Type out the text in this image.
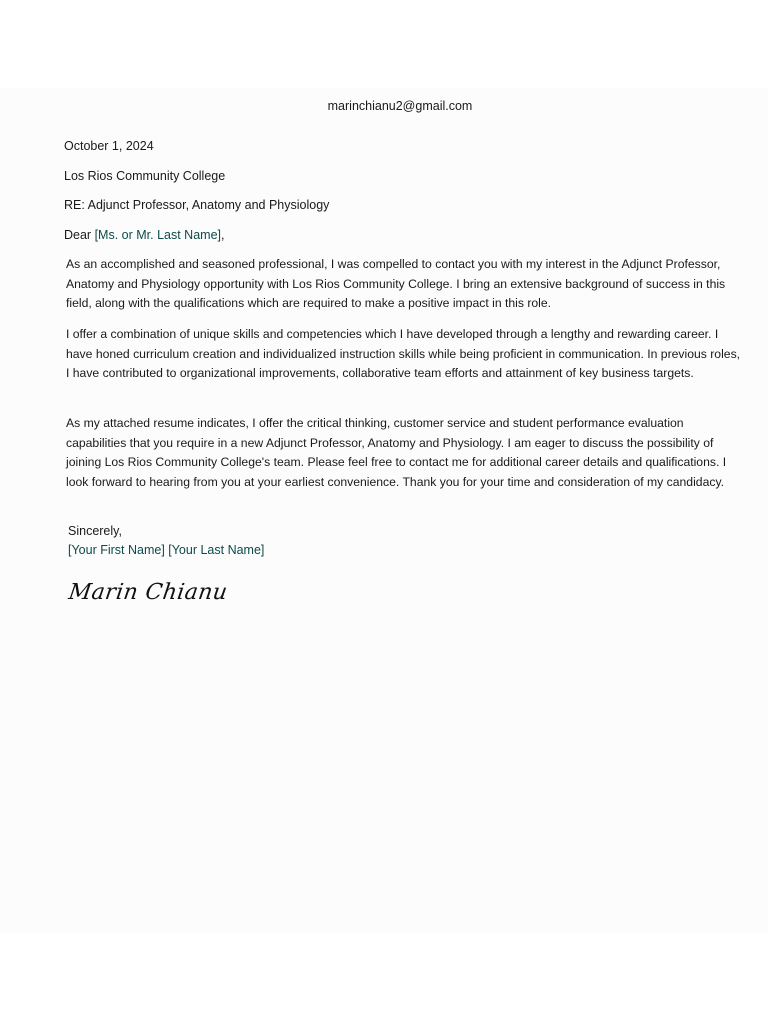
marinchianu2@gmail.com
October 1, 2024
Los Rios Community College
RE: Adjunct Professor, Anatomy and Physiology
Dear [Ms. or Mr. Last Name],
As an accomplished and seasoned professional, I was compelled to contact you with my interest in the Adjunct Professor, Anatomy and Physiology opportunity with Los Rios Community College. I bring an extensive background of success in this field, along with the qualifications which are required to make a positive impact in this role.
I offer a combination of unique skills and competencies which I have developed through a lengthy and rewarding career. I have honed curriculum creation and individualized instruction skills while being proficient in communication. In previous roles, I have contributed to organizational improvements, collaborative team efforts and attainment of key business targets.
As my attached resume indicates, I offer the critical thinking, customer service and student performance evaluation capabilities that you require in a new Adjunct Professor, Anatomy and Physiology. I am eager to discuss the possibility of joining Los Rios Community College's team. Please feel free to contact me for additional career details and qualifications. I look forward to hearing from you at your earliest convenience. Thank you for your time and consideration of my candidacy.
Sincerely,
[Your First Name] [Your Last Name]
Marin Chianu
